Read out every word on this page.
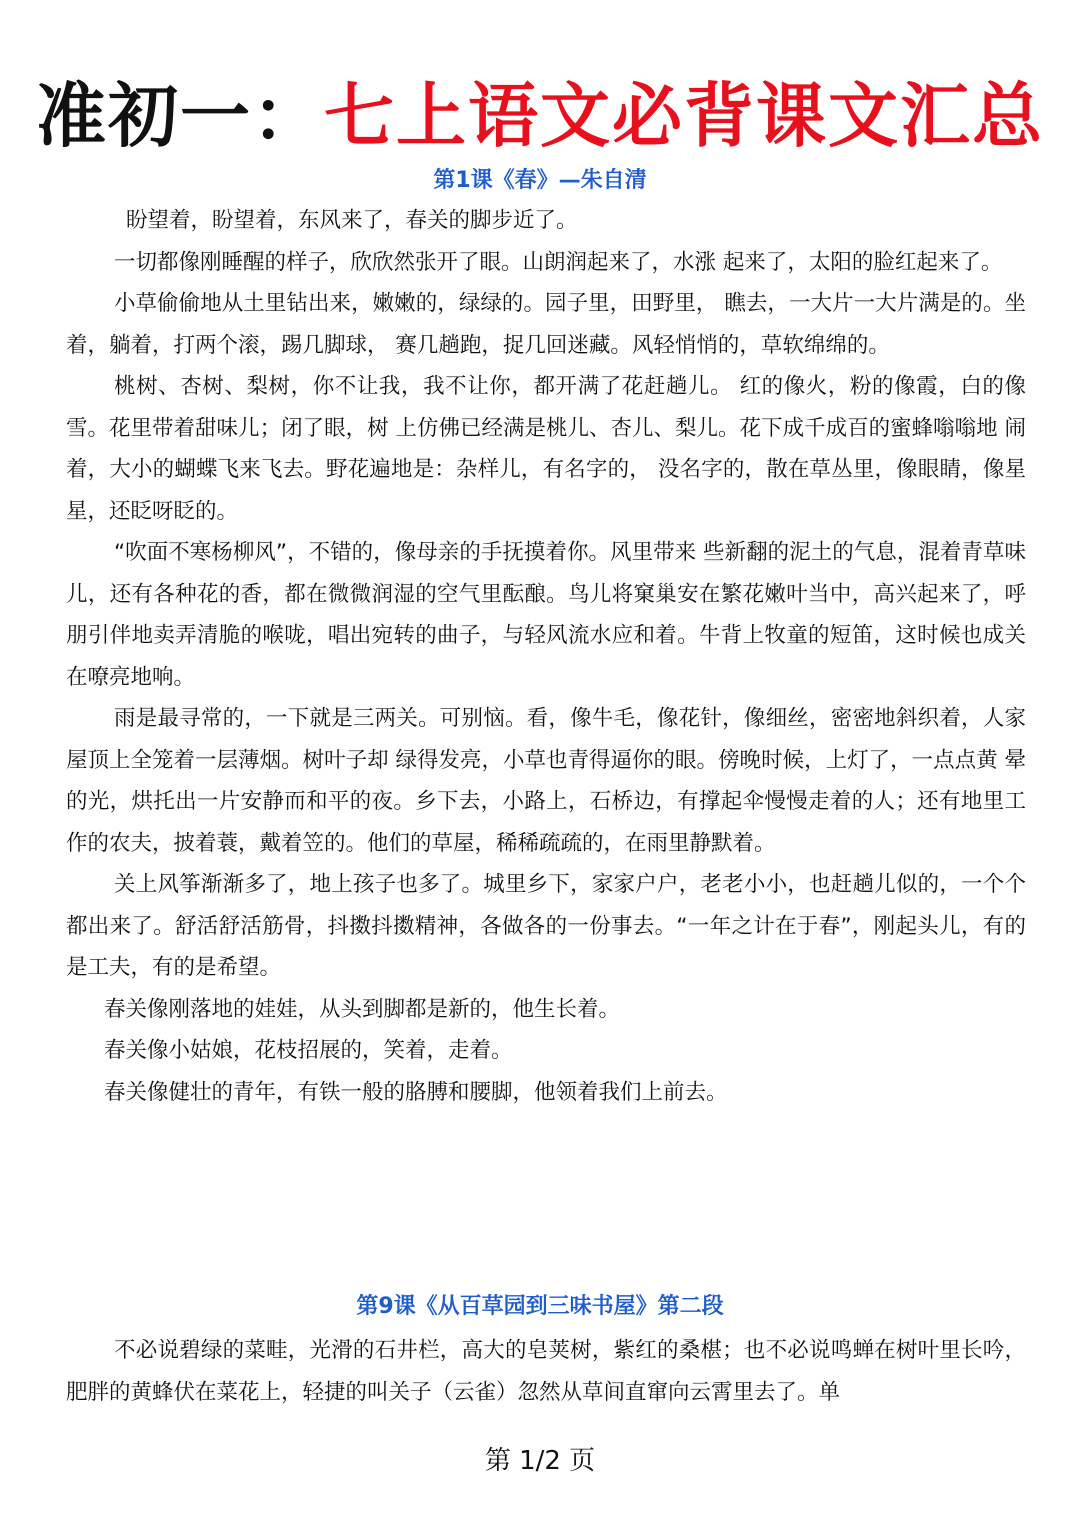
准初一：七上语文必背课文汇总
第1课《春》—朱自清

盼望着，盼望着，东风来了，春关的脚步近了。

一切都像刚睡醒的样子，欣欣然张开了眼。山朗润起来了，水涨 起来了，太阳的脸红起来了。

小草偷偷地从土里钻出来，嫩嫩的，绿绿的。园子里，田野里， 瞧去，一大片一大片满是的。坐着，躺着，打两个滚，踢几脚球， 赛几趟跑，捉几回迷藏。风轻悄悄的，草软绵绵的。

桃树、杏树、梨树，你不让我，我不让你，都开满了花赶趟儿。 红的像火，粉的像霞，白的像雪。花里带着甜味儿；闭了眼，树 上仿佛已经满是桃儿、杏儿、梨儿。花下成千成百的蜜蜂嗡嗡地 闹着，大小的蝴蝶飞来飞去。野花遍地是：杂样儿，有名字的， 没名字的，散在草丛里，像眼睛，像星星，还眨呀眨的。

“吹面不寒杨柳风”，不错的，像母亲的手抚摸着你。风里带来 些新翻的泥土的气息，混着青草味儿，还有各种花的香，都在微微润湿的空气里酝酿。鸟儿将窠巢安在繁花嫩叶当中，高兴起来了，呼朋引伴地卖弄清脆的喉咙，唱出宛转的曲子，与轻风流水应和着。牛背上牧童的短笛，这时候也成关在嘹亮地响。

雨是最寻常的，一下就是三两关。可别恼。看，像牛毛，像花针，像细丝，密密地斜织着，人家屋顶上全笼着一层薄烟。树叶子却 绿得发亮，小草也青得逼你的眼。傍晚时候，上灯了，一点点黄 晕的光，烘托出一片安静而和平的夜。乡下去，小路上，石桥边，有撑起伞慢慢走着的人；还有地里工作的农夫，披着蓑，戴着笠的。他们的草屋，稀稀疏疏的，在雨里静默着。

关上风筝渐渐多了，地上孩子也多了。城里乡下，家家户户，老老小小，也赶趟儿似的，一个个都出来了。舒活舒活筋骨，抖擞抖擞精神，各做各的一份事去。“一年之计在于春”，刚起头儿，有的是工夫，有的是希望。

春关像刚落地的娃娃，从头到脚都是新的，他生长着。

春关像小姑娘，花枝招展的，笑着，走着。

春关像健壮的青年，有铁一般的胳膊和腰脚，他领着我们上前去。

第9课《从百草园到三味书屋》第二段

不必说碧绿的菜畦，光滑的石井栏，高大的皂荚树，紫红的桑椹；也不必说鸣蝉在树叶里长吟，肥胖的黄蜂伏在菜花上，轻捷的叫关子（云雀）忽然从草间直窜向云霄里去了。单

第 1/2 页
